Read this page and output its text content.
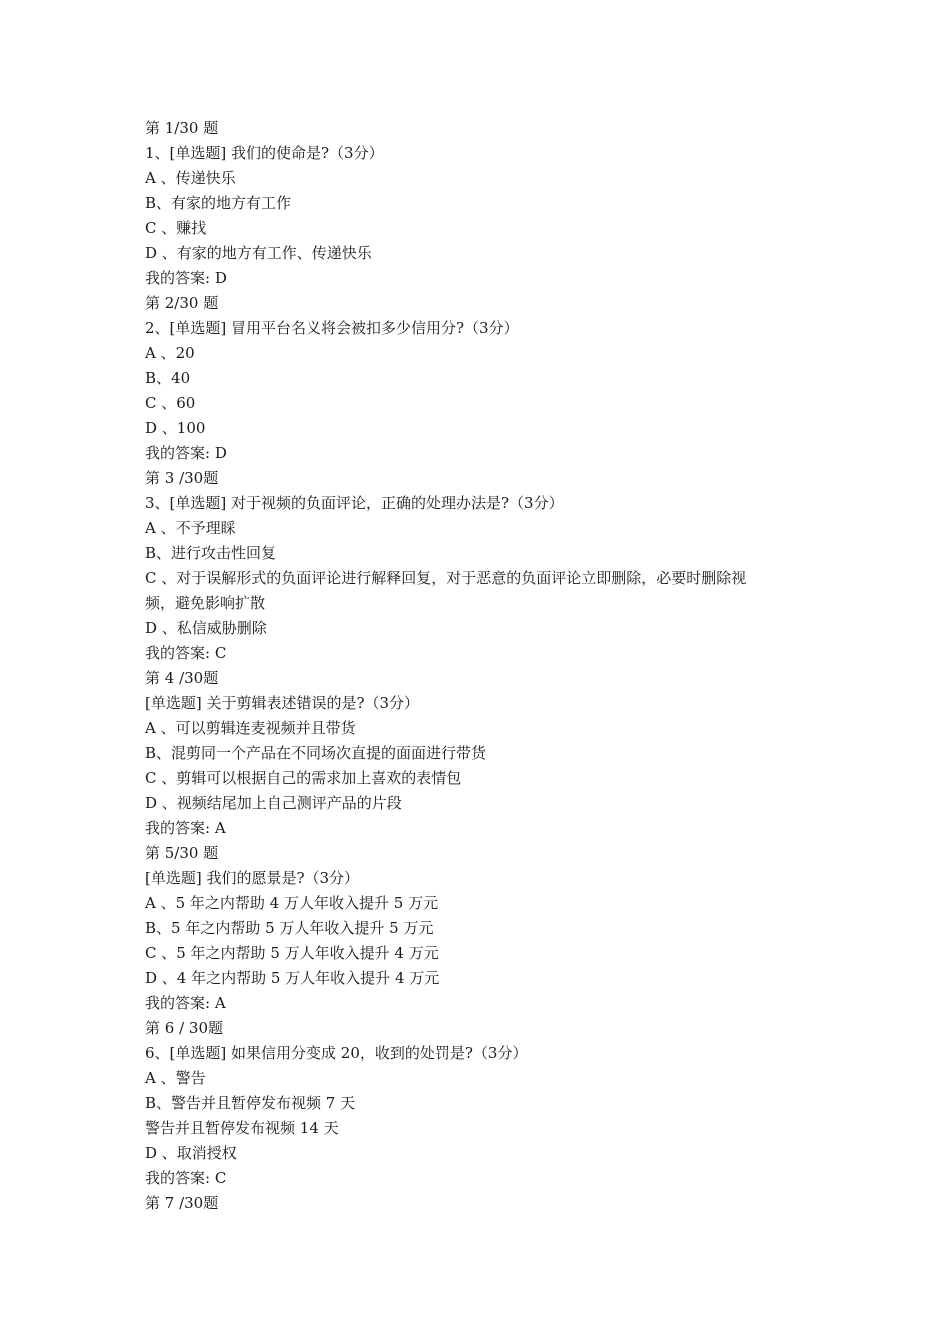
第 1/30 题
1、[单选题] 我们的使命是?（3分）
A 、传递快乐
B、有家的地方有工作
C 、赚找
D 、有家的地方有工作、传递快乐
我的答案: D
第 2/30 题
2、[单选题] 冒用平台名义将会被扣多少信用分?（3分）
A 、20
B、40
C 、60
D 、100
我的答案: D
第 3 /30题
3、[单选题] 对于视频的负面评论，正确的处理办法是?（3分）
A 、不予理睬
B、进行攻击性回复
C 、对于误解形式的负面评论进行解释回复，对于恶意的负面评论立即删除，必要时删除视
频，避免影响扩散
D 、私信威胁删除
我的答案: C
第 4 /30题
[单选题] 关于剪辑表述错误的是?（3分）
A 、可以剪辑连麦视频并且带货
B、混剪同一个产品在不同场次直提的面面进行带货
C 、剪辑可以根据自己的需求加上喜欢的表情包
D 、视频结尾加上自己测评产品的片段
我的答案: A
第 5/30 题
[单选题] 我们的愿景是?（3分）
A 、5 年之内帮助 4 万人年收入提升 5 万元
B、5 年之内帮助 5 万人年收入提升 5 万元
C 、5 年之内帮助 5 万人年收入提升 4 万元
D 、4 年之内帮助 5 万人年收入提升 4 万元
我的答案: A
第 6 / 30题
6、[单选题] 如果信用分变成 20，收到的处罚是?（3分）
A 、警告
B、警告并且暂停发布视频 7 天
警告并且暂停发布视频 14 天
D 、取消授权
我的答案: C
第 7 /30题
